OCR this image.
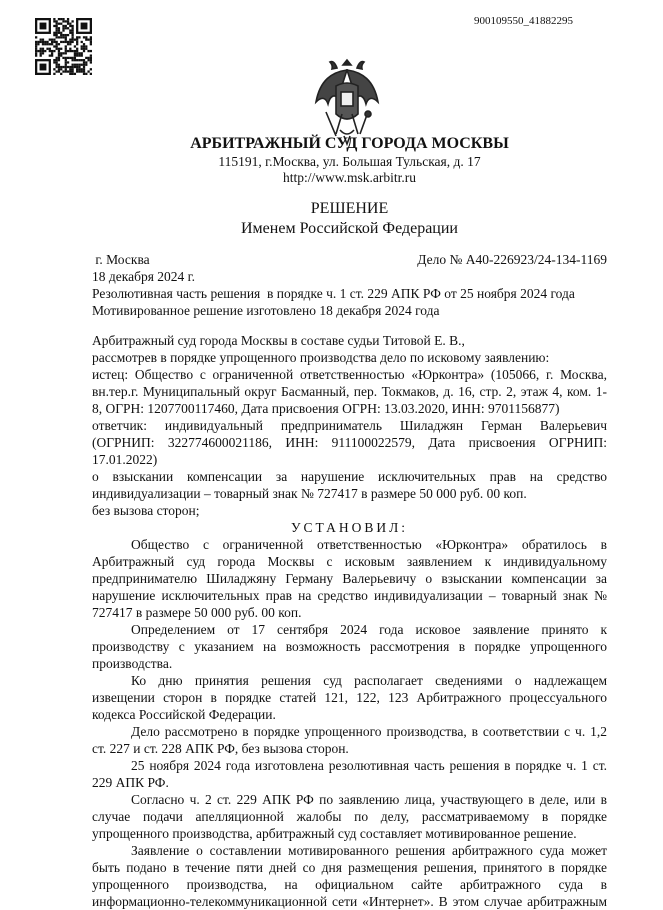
900109550_41882295
АРБИТРАЖНЫЙ СУД ГОРОДА МОСКВЫ
115191, г.Москва, ул. Большая Тульская, д. 17
http://www.msk.arbitr.ru
РЕШЕНИЕ
Именем Российской Федерации
г. Москва	Дело № А40-226923/24-134-1169
18 декабря 2024 г.
Резолютивная часть решения  в порядке ч. 1 ст. 229 АПК РФ от 25 ноября 2024 года
Мотивированное решение изготовлено 18 декабря 2024 года
Арбитражный суд города Москвы в составе судьи Титовой Е. В.,
рассмотрев в порядке упрощенного производства дело по исковому заявлению:
истец: Общество с ограниченной ответственностью «Юрконтра» (105066, г. Москва,
вн.тер.г. Муниципальный округ Басманный, пер. Токмаков, д. 16, стр. 2, этаж 4, ком. 1-
8, ОГРН: 1207700117460, Дата присвоения ОГРН: 13.03.2020, ИНН: 9701156877)
ответчик: индивидуальный предприниматель Шиладжян Герман Валерьевич
(ОГРНИП: 322774600021186, ИНН: 911100022579, Дата присвоения ОГРНИП:
17.01.2022)
о взыскании компенсации за нарушение исключительных прав на средство
индивидуализации – товарный знак № 727417 в размере 50 000 руб. 00 коп.
без вызова сторон;
УСТАНОВИЛ:
Общество с ограниченной ответственностью «Юрконтра» обратилось в
Арбитражный суд города Москвы с исковым заявлением к индивидуальному
предпринимателю Шиладжяну Герману Валерьевичу о взыскании компенсации за
нарушение исключительных прав на средство индивидуализации – товарный знак №
727417 в размере 50 000 руб. 00 коп.
Определением от 17 сентября 2024 года исковое заявление принято к
производству с указанием на возможность рассмотрения в порядке упрощенного
производства.
Ко дню принятия решения суд располагает сведениями о надлежащем
извещении сторон в порядке статей 121, 122, 123 Арбитражного процессуального
кодекса Российской Федерации.
Дело рассмотрено в порядке упрощенного производства, в соответствии с ч. 1,2
ст. 227 и ст. 228 АПК РФ, без вызова сторон.
25 ноября 2024 года изготовлена резолютивная часть решения в порядке ч. 1 ст.
229 АПК РФ.
Согласно ч. 2 ст. 229 АПК РФ по заявлению лица, участвующего в деле, или в
случае подачи апелляционной жалобы по делу, рассматриваемому в порядке
упрощенного производства, арбитражный суд составляет мотивированное решение.
Заявление о составлении мотивированного решения арбитражного суда может
быть подано в течение пяти дней со дня размещения решения, принятого в порядке
упрощенного производства, на официальном сайте арбитражного суда в
информационно-телекоммуникационной сети «Интернет». В этом случае арбитражным
